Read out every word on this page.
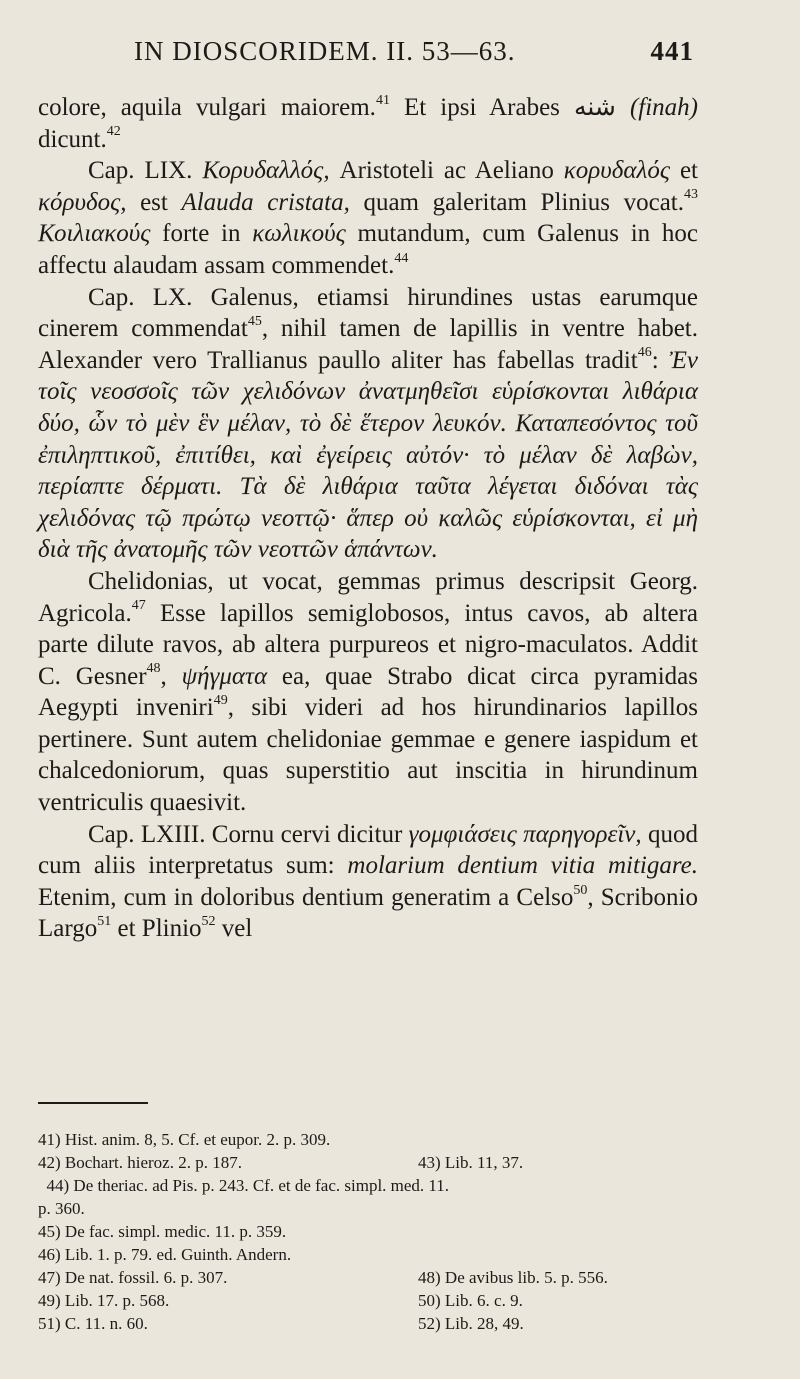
IN DIOSCORIDEM. II. 53—63.	441

colore, aquila vulgari maiorem.$^{41}$ Et ipsi Arabes شنه (finah) dicunt.$^{42}$

Cap. LIX. Κορυδαλλός, Aristoteli ac Aeliano κορυδαλός et κόρυδος, est Alauda cristata, quam galeritam Plinius vocat.$^{43}$ Κοιλιακούς forte in κωλικούς mutandum, cum Galenus in hoc affectu alaudam assam commendet.$^{44}$

Cap. LX. Galenus, etiamsi hirundines ustas earumque cinerem commendat$^{45}$, nihil tamen de lapillis in ventre habet. Alexander vero Trallianus paullo aliter has fabellas tradit$^{46}$: Ἐν τοῖς νεοσσοῖς τῶν χελιδόνων ἀνατμηθεῖσι εὑρίσκονται λιθάρια δύο, ὧν τὸ μὲν ἓν μέλαν, τὸ δὲ ἕτερον λευκόν. Καταπεσόντος τοῦ ἐπιληπτικοῦ, ἐπιτίθει, καὶ ἐγείρεις αὐτόν· τὸ μέλαν δὲ λαβὼν, περίαπτε δέρματι. Τὰ δὲ λιθάρια ταῦτα λέγεται διδόναι τὰς χελιδόνας τῷ πρώτῳ νεοττῷ· ἅπερ οὐ καλῶς εὑρίσκονται, εἰ μὴ διὰ τῆς ἀνατομῆς τῶν νεοττῶν ἁπάντων.

Chelidonias, ut vocat, gemmas primus descripsit Georg. Agricola.$^{47}$ Esse lapillos semiglobosos, intus cavos, ab altera parte dilute ravos, ab altera purpureos et nigro-maculatos. Addit C. Gesner$^{48}$, ψήγματα ea, quae Strabo dicat circa pyramidas Aegypti inveniri$^{49}$, sibi videri ad hos hirundinarios lapillos pertinere. Sunt autem chelidoniae gemmae e genere iaspidum et chalcedoniorum, quas superstitio aut inscitia in hirundinum ventriculis quaesivit.

Cap. LXIII. Cornu cervi dicitur γομφιάσεις παρηγορεῖν, quod cum aliis interpretatus sum: molarium dentium vitia mitigare. Etenim, cum in doloribus dentium generatim a Celso$^{50}$, Scribonio Largo$^{51}$ et Plinio$^{52}$ vel

41) Hist. anim. 8, 5. Cf. et eupor. 2. p. 309.
42) Bochart. hieroz. 2. p. 187.	43) Lib. 11, 37.
44) De theriac. ad Pis. p. 243. Cf. et de fac. simpl. med. 11.
p. 360.
45) De fac. simpl. medic. 11. p. 359.
46) Lib. 1. p. 79. ed. Guinth. Andern.
47) De nat. fossil. 6. p. 307.	48) De avibus lib. 5. p. 556.
49) Lib. 17. p. 568.	50) Lib. 6. c. 9.
51) C. 11. n. 60.	52) Lib. 28, 49.
